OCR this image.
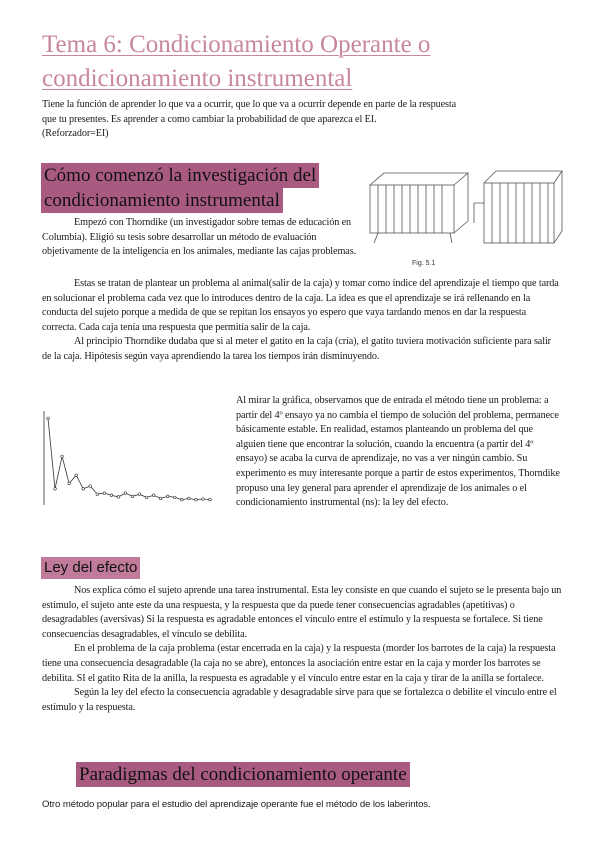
Tema 6: Condicionamiento Operante o
condicionamiento instrumental

Tiene la función de aprender lo que va a ocurrir, que lo que va a ocurrir depende en parte de la respuesta

que tu presentes. Es aprender a como cambiar la probabilidad de que aparezca el EI.

(Reforzador=EI)

Cómo comenzó la investigación del
condicionamiento instrumental
Fig. 5.1

Empezó con Thorndike (un investigador sobre temas de educación en Columbia). Eligió su tesis sobre desarrollar un método de evaluación objetivamente de la inteligencia en los animales, mediante las cajas problemas.

Estas se tratan de plantear un problema al animal(salir de la caja) y tomar como índice del aprendizaje el tiempo que tarda en solucionar el problema cada vez que lo introduces dentro de la caja. La idea es que el aprendizaje se irá rellenando en la conducta del sujeto porque a medida de que se repitan los ensayos yo espero que vaya tardando menos en dar la respuesta correcta. Cada caja tenía una respuesta que permitía salir de la caja.

Al principio Thorndike dudaba que si al meter el gatito en la caja (cría), el gatito tuviera motivación suficiente para salir de la caja. Hipótesis según vaya aprendiendo la tarea los tiempos irán disminuyendo.

Al mirar la gráfica, observamos que de entrada el método tiene un problema: a partir del 4º ensayo ya no cambia el tiempo de solución del problema, permanece básicamente estable. En realidad, estamos planteando un problema del que alguien tiene que encontrar la solución, cuando la encuentra (a partir del 4º ensayo) se acaba la curva de aprendizaje, no vas a ver ningún cambio. Su experimento es muy interesante porque a partir de estos experimentos, Thorndike propuso una ley general para aprender el aprendizaje de los animales o el condicionamiento instrumental (ns): la ley del efecto.

Ley del efecto

Nos explica cómo el sujeto aprende una tarea instrumental. Esta ley consiste en que cuando el sujeto se le presenta bajo un estímulo, el sujeto ante este da una respuesta, y la respuesta que da puede tener consecuencias agradables (apetitivas) o desagradables (aversivas) Si la respuesta es agradable entonces el vínculo entre el estímulo y la respuesta se fortalece. Si tiene consecuencias desagradables, el vínculo se debilita.

En el problema de la caja problema (estar encerrada en la caja) y la respuesta (morder los barrotes de la caja) la respuesta tiene una consecuencia desagradable (la caja no se abre), entonces la asociación entre estar en la caja y morder los barrotes se debilita. SI el gatito Rita de la anilla, la respuesta es agradable y el vínculo entre estar en la caja y tirar de la anilla se fortalece.

Según la ley del efecto la consecuencia agradable y desagradable sirve para que se fortalezca o debilite el vínculo entre el estímulo y la respuesta.

Paradigmas del condicionamiento operante

Otro método popular para el estudio del aprendizaje operante fue el método de los laberintos.
